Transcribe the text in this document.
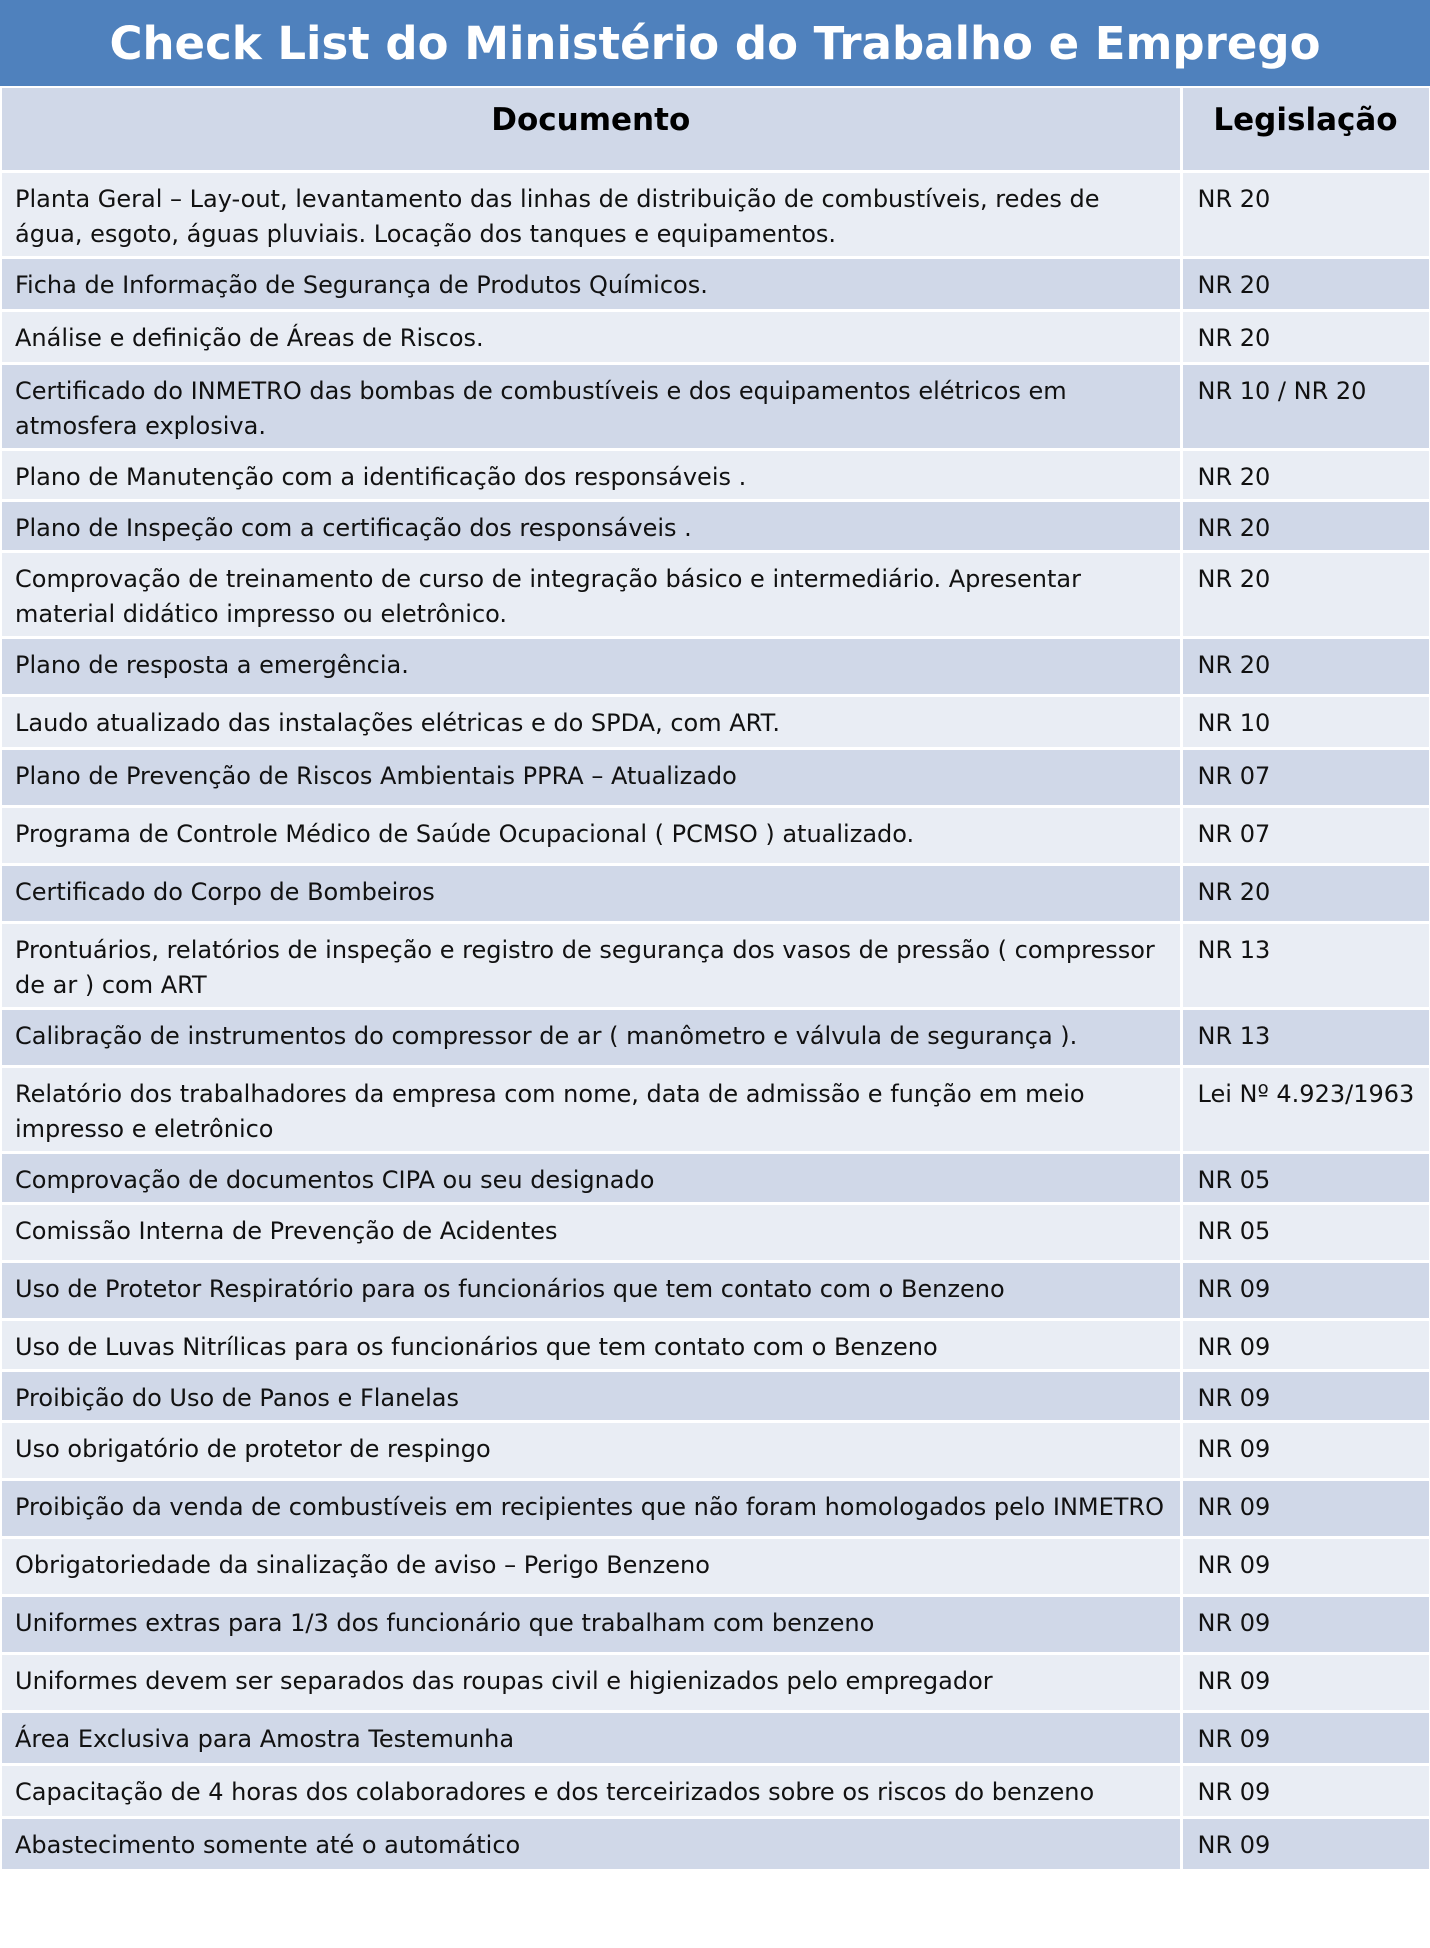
Check List do Ministério do Trabalho e Emprego
Documento	Legislação
Planta Geral – Lay-out, levantamento das linhas de distribuição de combustíveis, redes de água, esgoto, águas pluviais. Locação dos tanques e equipamentos.	NR 20
Ficha de Informação de Segurança de Produtos Químicos.	NR 20
Análise e definição de Áreas de Riscos.	NR 20
Certificado do INMETRO das bombas de combustíveis e dos equipamentos elétricos em atmosfera explosiva.	NR 10 / NR 20
Plano de Manutenção com a identificação dos responsáveis .	NR 20
Plano de Inspeção com a certificação dos responsáveis .	NR 20
Comprovação de treinamento de curso de integração básico e intermediário. Apresentar material didático impresso ou eletrônico.	NR 20
Plano de resposta a emergência.	NR 20
Laudo atualizado das instalações elétricas e do SPDA, com ART.	NR 10
Plano de Prevenção de Riscos Ambientais PPRA – Atualizado	NR 07
Programa de Controle Médico de Saúde Ocupacional ( PCMSO ) atualizado.	NR 07
Certificado do Corpo de Bombeiros	NR 20
Prontuários, relatórios de inspeção e registro de segurança dos vasos de pressão ( compressor de ar ) com ART	NR 13
Calibração de instrumentos do compressor de ar ( manômetro e válvula de segurança ).	NR 13
Relatório dos trabalhadores da empresa com nome, data de admissão e função em meio impresso e eletrônico	Lei Nº 4.923/1963
Comprovação de documentos CIPA ou seu designado	NR 05
Comissão Interna de Prevenção de Acidentes	NR 05
Uso de Protetor Respiratório para os funcionários que tem contato com o Benzeno	NR 09
Uso de Luvas Nitrílicas para os funcionários que tem contato com o Benzeno	NR 09
Proibição do Uso de Panos e Flanelas	NR 09
Uso obrigatório de protetor de respingo	NR 09
Proibição da venda de combustíveis em recipientes que não foram homologados pelo INMETRO	NR 09
Obrigatoriedade da sinalização de aviso – Perigo Benzeno	NR 09
Uniformes extras para 1/3 dos funcionário que trabalham com benzeno	NR 09
Uniformes devem ser separados das roupas civil e higienizados pelo empregador	NR 09
Área Exclusiva para Amostra Testemunha	NR 09
Capacitação de 4 horas dos colaboradores e dos terceirizados sobre os riscos do benzeno	NR 09
Abastecimento somente até o automático	NR 09
